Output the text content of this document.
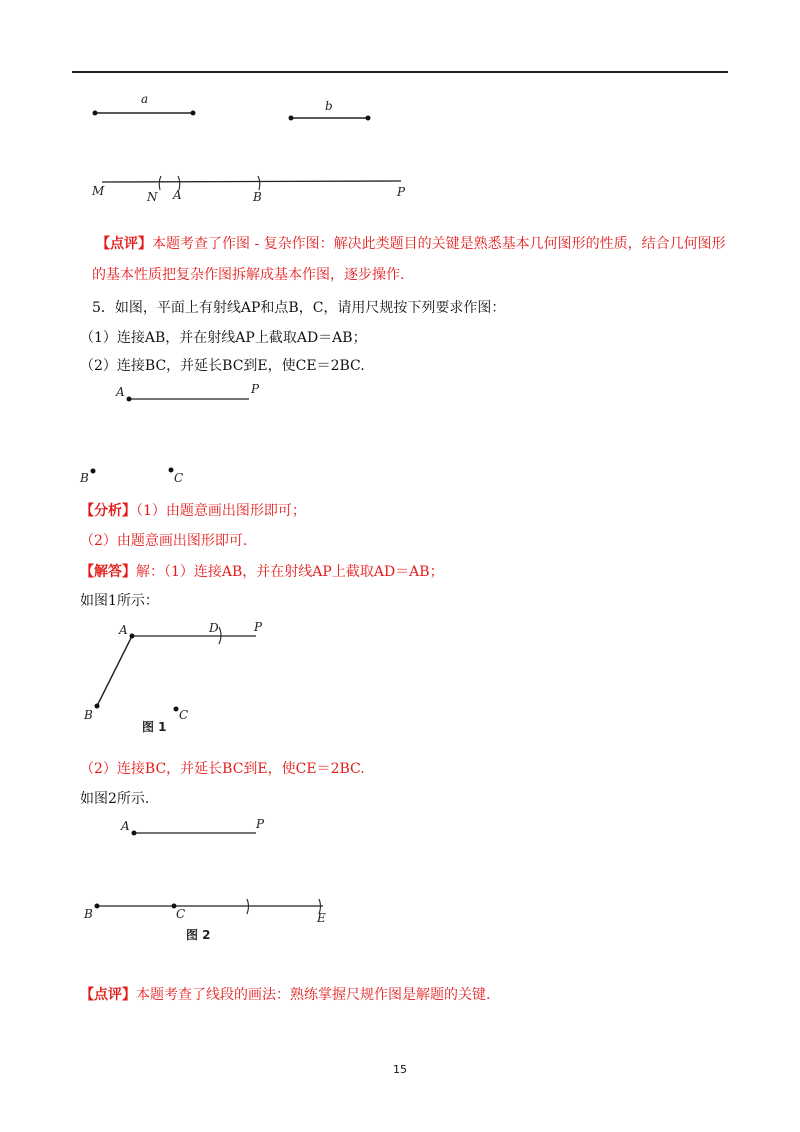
a	b
M	N A	B	P
【点评】本题考查了作图 - 复杂作图：解决此类题目的关键是熟悉基本几何图形的性质，结合几何图形
的基本性质把复杂作图拆解成基本作图，逐步操作.
5．如图，平面上有射线AP和点B，C，请用尺规按下列要求作图：
（1）连接AB，并在射线AP上截取AD＝AB；
（2）连接BC，并延长BC到E，使CE＝2BC.
A	P
B	C
【分析】（1）由题意画出图形即可；
（2）由题意画出图形即可.
【解答】解：（1）连接AB，并在射线AP上截取AD＝AB；
如图1所示：
A	D	P
B	C
图 1
（2）连接BC，并延长BC到E，使CE＝2BC.
如图2所示.
A	P
B	C	E
图 2
【点评】本题考查了线段的画法：熟练掌握尺规作图是解题的关键.
15
